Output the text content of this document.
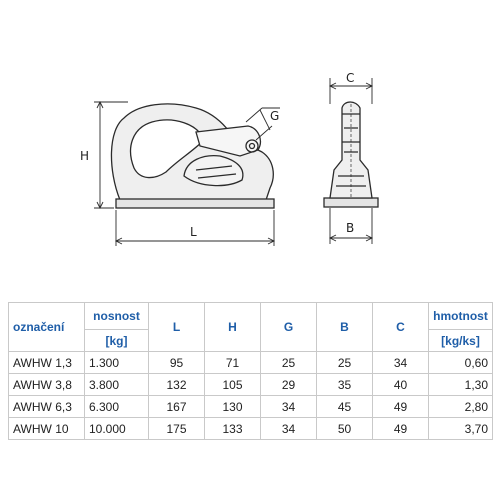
H
L
G
C
B
označení	nosnost	L	H	G	B	C	hmotnost
	[kg]						[kg/ks]
AWHW 1,3	1.300	95	71	25	25	34	0,60
AWHW 3,8	3.800	132	105	29	35	40	1,30
AWHW 6,3	6.300	167	130	34	45	49	2,80
AWHW 10	10.000	175	133	34	50	49	3,70
